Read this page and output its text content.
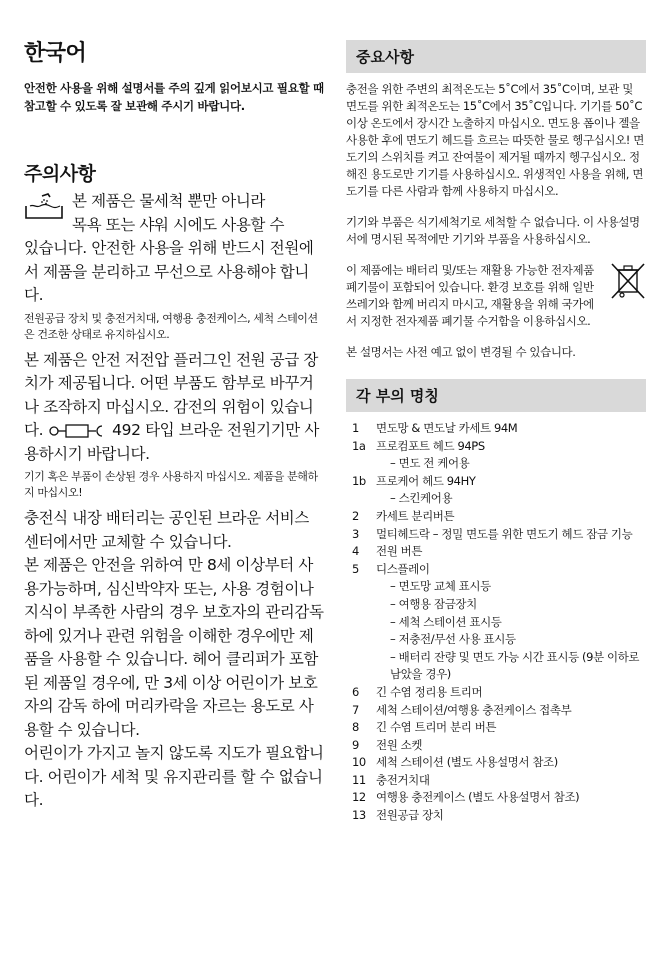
한국어

안전한 사용을 위해 설명서를 주의 깊게 읽어보시고 필요할 때 참고할 수 있도록 잘 보관해 주시기 바랍니다.

주의사항

본 제품은 물세척 뿐만 아니라

목욕 또는 샤워 시에도 사용할 수

있습니다. 안전한 사용을 위해 반드시 전원에서 제품을 분리하고 무선으로 사용해야 합니다.

전원공급 장치 및 충전거치대, 여행용 충전케이스, 세척 스테이션은 건조한 상태로 유지하십시오.

본 제품은 안전 저전압 플러그인 전원 공급 장치가 제공됩니다. 어떤 부품도 함부로 바꾸거나 조작하지 마십시오. 감전의 위험이 있습니다.	492 타입 브라운 전원기기만 사용하시기 바랍니다.

기기 혹은 부품이 손상된 경우 사용하지 마십시오. 제품을 분해하지 마십시오!

충전식 내장 배터리는 공인된 브라운 서비스 센터에서만 교체할 수 있습니다.

본 제품은 안전을 위하여 만 8세 이상부터 사용가능하며, 심신박약자 또는, 사용 경험이나 지식이 부족한 사람의 경우 보호자의 관리감독 하에 있거나 관련 위험을 이해한 경우에만 제품을 사용할 수 있습니다. 헤어 클리퍼가 포함된 제품일 경우에, 만 3세 이상 어린이가 보호자의 감독 하에 머리카락을 자르는 용도로 사용할 수 있습니다.

어린이가 가지고 놀지 않도록 지도가 필요합니다. 어린이가 세척 및 유지관리를 할 수 없습니다.

중요사항

충전을 위한 주변의 최적온도는 5˚C에서 35˚C이며, 보관 및 면도를 위한 최적온도는 15˚C에서 35˚C입니다. 기기를 50˚C 이상 온도에서 장시간 노출하지 마십시오. 면도용 폼이나 젤을 사용한 후에 면도기 헤드를 흐르는 따뜻한 물로 헹구십시오! 면도기의 스위치를 켜고 잔여물이 제거될 때까지 헹구십시오. 정해진 용도로만 기기를 사용하십시오. 위생적인 사용을 위해, 면도기를 다른 사람과 함께 사용하지 마십시오.

기기와 부품은 식기세척기로 세척할 수 없습니다. 이 사용설명서에 명시된 목적에만 기기와 부품을 사용하십시오.

이 제품에는 배터리 및/또는 재활용 가능한 전자제품 폐기물이 포함되어 있습니다. 환경 보호를 위해 일반 쓰레기와 함께 버리지 마시고, 재활용을 위해 국가에서 지정한 전자제품 폐기물 수거함을 이용하십시오.

본 설명서는 사전 예고 없이 변경될 수 있습니다.

각 부의 명칭
1 면도망 & 면도날 카세트 94M
1a 프로컴포트 헤드 94PS
– 면도 전 케어용
1b 프로케어 헤드 94HY
– 스킨케어용
2 카세트 분리버튼
3 멀티헤드락 – 정밀 면도를 위한 면도기 헤드 잠금 기능
4 전원 버튼
5 디스플레이
– 면도망 교체 표시등
– 여행용 잠금장치
– 세척 스테이션 표시등
– 저충전/무선 사용 표시등
– 배터리 잔량 및 면도 가능 시간 표시등 (9분 이하로 남았을 경우)
6 긴 수염 정리용 트리머
7 세척 스테이션/여행용 충전케이스 접촉부
8 긴 수염 트리머 분리 버튼
9 전원 소켓
10 세척 스테이션 (별도 사용설명서 참조)
11 충전거치대
12 여행용 충전케이스 (별도 사용설명서 참조)
13 전원공급 장치
